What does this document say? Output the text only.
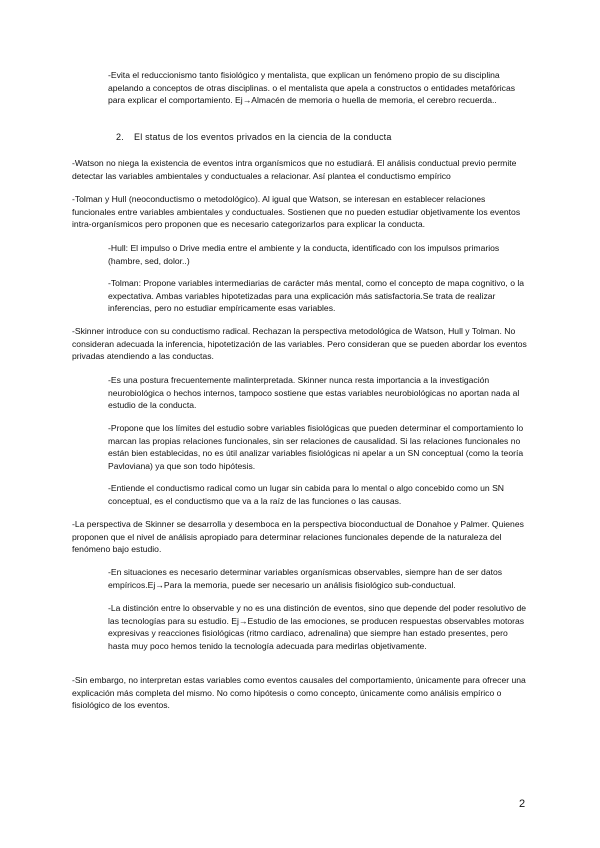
-Evita el reduccionismo tanto fisiológico y mentalista, que explican un fenómeno propio de su disciplina apelando a conceptos de otras disciplinas. o el mentalista que apela a constructos o entidades metafóricas para explicar el comportamiento. Ej→Almacén de memoria o huella de memoria, el cerebro recuerda..

2. El status de los eventos privados en la ciencia de la conducta

-Watson no niega la existencia de eventos intra organísmicos que no estudiará. El análisis conductual previo permite detectar las variables ambientales y conductuales a relacionar. Así plantea el conductismo empírico

-Tolman y Hull (neoconductismo o metodológico). Al igual que Watson, se interesan en establecer relaciones funcionales entre variables ambientales y conductuales. Sostienen que no pueden estudiar objetivamente los eventos intra-organísmicos pero proponen que es necesario categorizarlos para explicar la conducta.

-Hull: El impulso o Drive media entre el ambiente y la conducta, identificado con los impulsos primarios (hambre, sed, dolor..)

-Tolman: Propone variables intermediarias de carácter más mental, como el concepto de mapa cognitivo, o la expectativa. Ambas variables hipotetizadas para una explicación más satisfactoria.Se trata de realizar inferencias, pero no estudiar empíricamente esas variables.

-Skinner introduce con su conductismo radical. Rechazan la perspectiva metodológica de Watson, Hull y Tolman. No consideran adecuada la inferencia, hipotetización de las variables. Pero consideran que se pueden abordar los eventos privadas atendiendo a las conductas.

-Es una postura frecuentemente malinterpretada. Skinner nunca resta importancia a la investigación neurobiológica o hechos internos, tampoco sostiene que estas variables neurobiológicas no aportan nada al estudio de la conducta.

-Propone que los límites del estudio sobre variables fisiológicas que pueden determinar el comportamiento lo marcan las propias relaciones funcionales, sin ser relaciones de causalidad. Si las relaciones funcionales no están bien establecidas, no es útil analizar variables fisiológicas ni apelar a un SN conceptual (como la teoría Pavloviana) ya que son todo hipótesis.

-Entiende el conductismo radical como un lugar sin cabida para lo mental o algo concebido como un SN conceptual, es el conductismo que va a la raíz de las funciones o las causas.

-La perspectiva de Skinner se desarrolla y desemboca en la perspectiva bioconductual de Donahoe y Palmer. Quienes proponen que el nivel de análisis apropiado para determinar relaciones funcionales depende de la naturaleza del fenómeno bajo estudio.

-En situaciones es necesario determinar variables organísmicas observables, siempre han de ser datos empíricos.Ej→Para la memoria, puede ser necesario un análisis fisiológico sub-conductual.

-La distinción entre lo observable y no es una distinción de eventos, sino que depende del poder resolutivo de las tecnologías para su estudio. Ej→Estudio de las emociones, se producen respuestas observables motoras expresivas y reacciones fisiológicas (ritmo cardiaco, adrenalina) que siempre han estado presentes, pero hasta muy poco hemos tenido la tecnología adecuada para medirlas objetivamente.

-Sin embargo, no interpretan estas variables como eventos causales del comportamiento, únicamente para ofrecer una explicación más completa del mismo. No como hipótesis o como concepto, únicamente como análisis empírico o fisiológico de los eventos.

2
